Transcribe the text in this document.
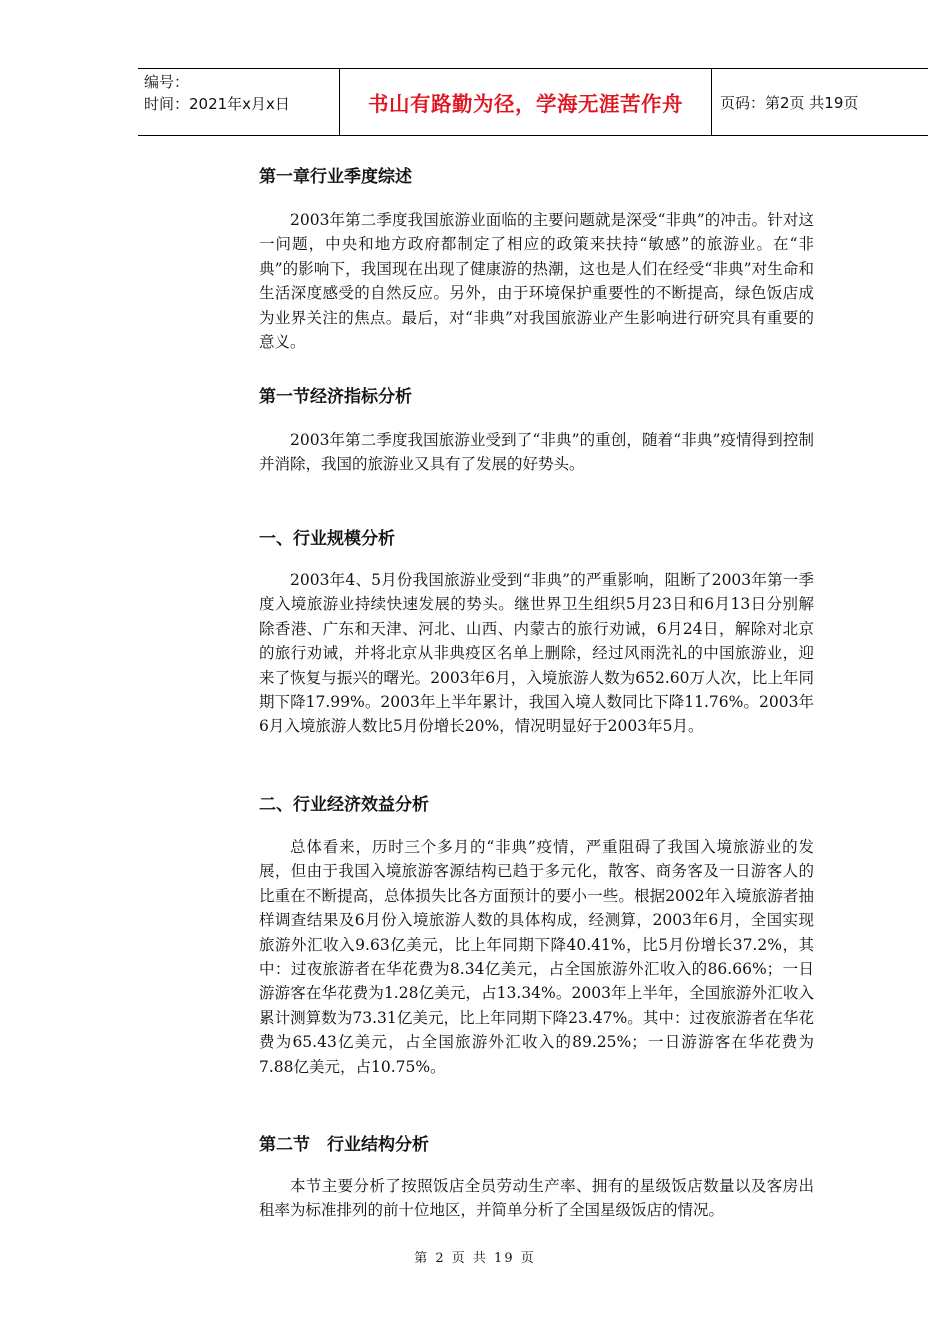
编号：
时间：2021年x月x日	书山有路勤为径，学海无涯苦作舟	页码：第2页 共19页
第一章行业季度综述

2003年第二季度我国旅游业面临的主要问题就是深受“非典”的冲击。针对这一问题，中央和地方政府都制定了相应的政策来扶持“敏感”的旅游业。在“非典”的影响下，我国现在出现了健康游的热潮，这也是人们在经受“非典”对生命和生活深度感受的自然反应。另外，由于环境保护重要性的不断提高，绿色饭店成为业界关注的焦点。最后，对“非典”对我国旅游业产生影响进行研究具有重要的意义。

第一节经济指标分析

2003年第二季度我国旅游业受到了“非典”的重创，随着“非典”疫情得到控制并消除，我国的旅游业又具有了发展的好势头。

一、行业规模分析

2003年4、5月份我国旅游业受到“非典”的严重影响，阻断了2003年第一季度入境旅游业持续快速发展的势头。继世界卫生组织5月23日和6月13日分别解除香港、广东和天津、河北、山西、内蒙古的旅行劝诫，6月24日，解除对北京的旅行劝诫，并将北京从非典疫区名单上删除，经过风雨洗礼的中国旅游业，迎来了恢复与振兴的曙光。2003年6月，入境旅游人数为652.60万人次，比上年同期下降17.99%。2003年上半年累计，我国入境人数同比下降11.76%。2003年6月入境旅游人数比5月份增长20%，情况明显好于2003年5月。

二、行业经济效益分析

总体看来，历时三个多月的“非典”疫情，严重阻碍了我国入境旅游业的发展，但由于我国入境旅游客源结构已趋于多元化，散客、商务客及一日游客人的比重在不断提高，总体损失比各方面预计的要小一些。根据2002年入境旅游者抽样调查结果及6月份入境旅游人数的具体构成，经测算，2003年6月，全国实现旅游外汇收入9.63亿美元，比上年同期下降40.41%，比5月份增长37.2%，其中：过夜旅游者在华花费为8.34亿美元，占全国旅游外汇收入的86.66%；一日游游客在华花费为1.28亿美元，占13.34%。2003年上半年，全国旅游外汇收入累计测算数为73.31亿美元，比上年同期下降23.47%。其中：过夜旅游者在华花费为65.43亿美元，占全国旅游外汇收入的89.25%；一日游游客在华花费为7.88亿美元，占10.75%。

第二节　行业结构分析

本节主要分析了按照饭店全员劳动生产率、拥有的星级饭店数量以及客房出租率为标准排列的前十位地区，并简单分析了全国星级饭店的情况。

第 2 页 共 19 页
